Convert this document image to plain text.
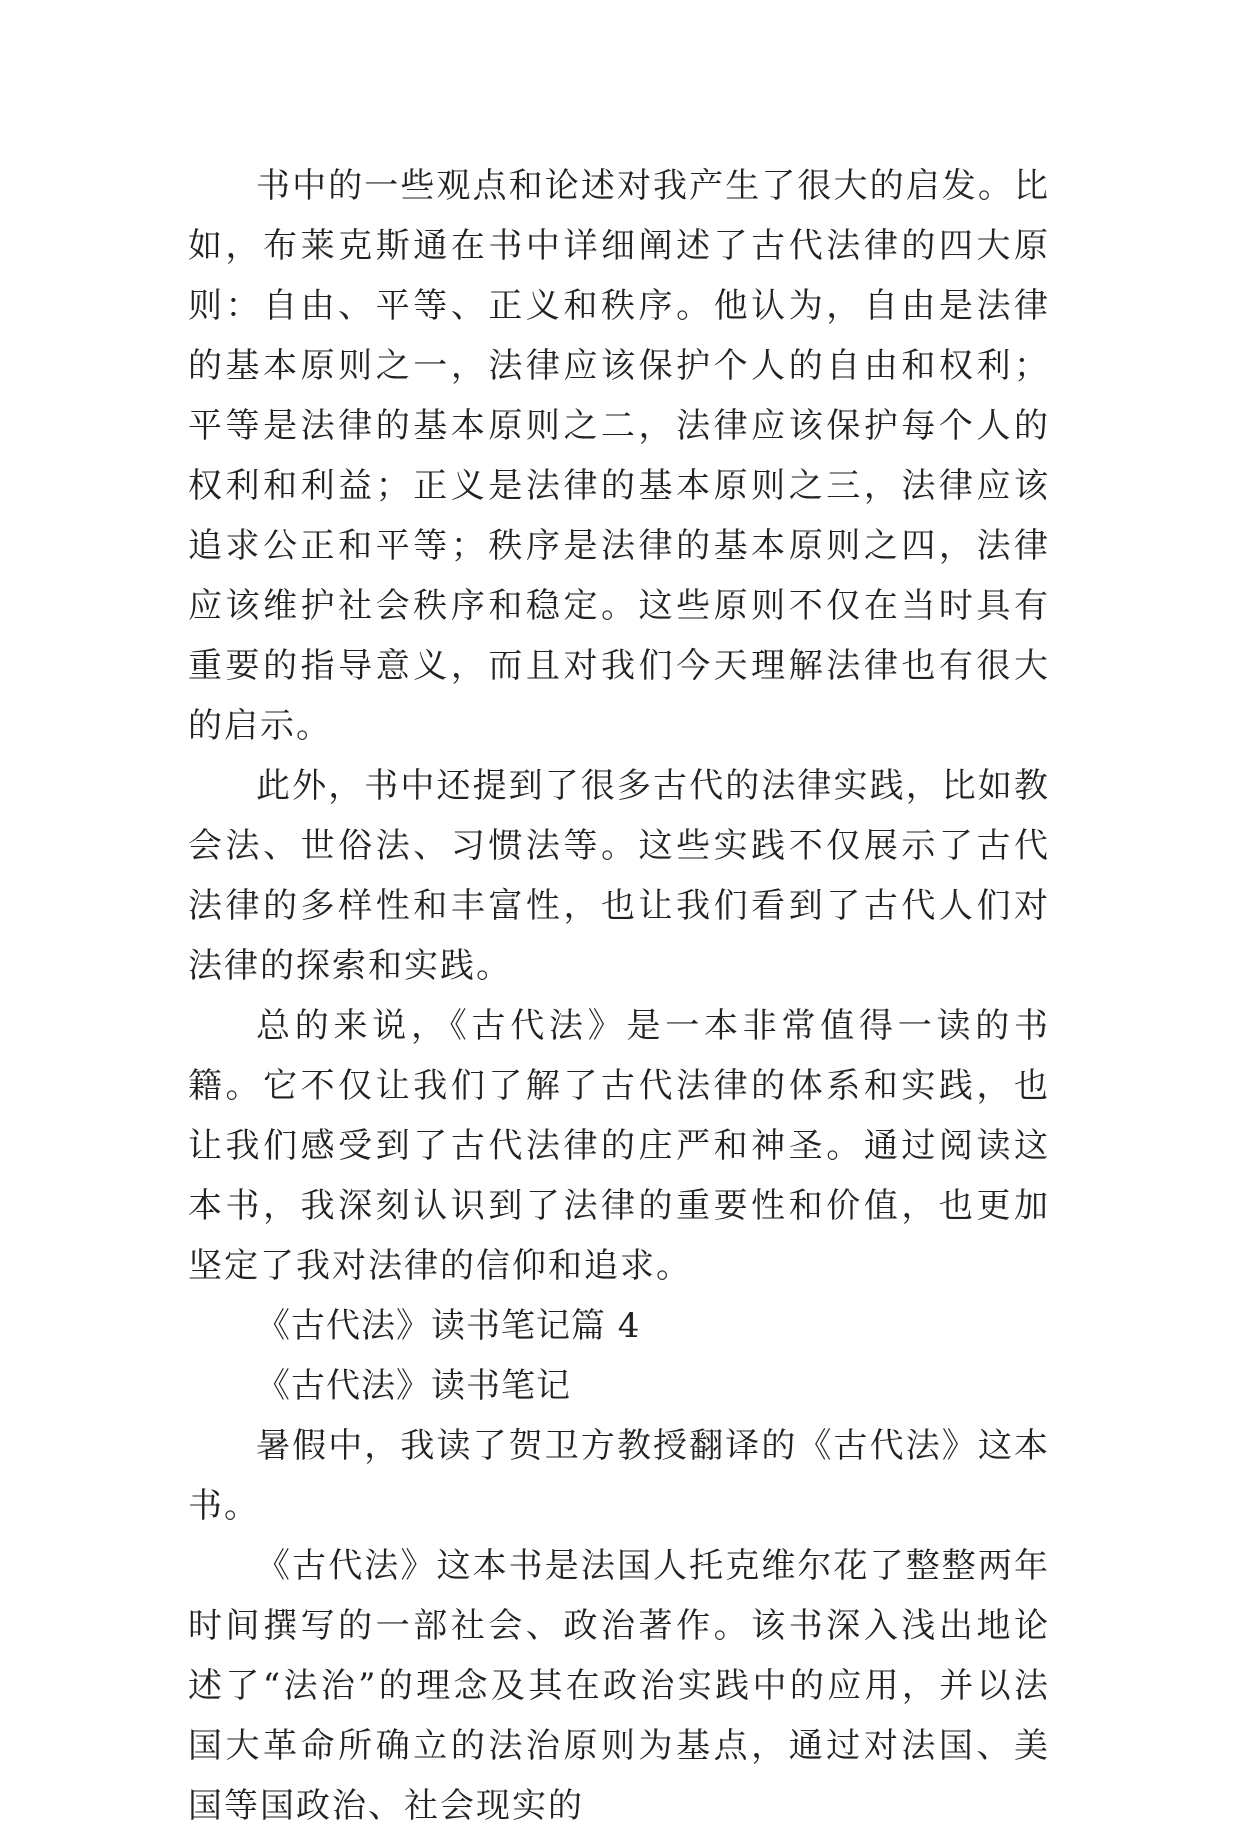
书中的一些观点和论述对我产生了很大的启发。比如，布莱克斯通在书中详细阐述了古代法律的四大原则：自由、平等、正义和秩序。他认为，自由是法律的基本原则之一，法律应该保护个人的自由和权利；平等是法律的基本原则之二，法律应该保护每个人的权利和利益；正义是法律的基本原则之三，法律应该追求公正和平等；秩序是法律的基本原则之四，法律应该维护社会秩序和稳定。这些原则不仅在当时具有重要的指导意义，而且对我们今天理解法律也有很大的启示。

此外，书中还提到了很多古代的法律实践，比如教会法、世俗法、习惯法等。这些实践不仅展示了古代法律的多样性和丰富性，也让我们看到了古代人们对法律的探索和实践。

总的来说，《古代法》是一本非常值得一读的书籍。它不仅让我们了解了古代法律的体系和实践，也让我们感受到了古代法律的庄严和神圣。通过阅读这本书，我深刻认识到了法律的重要性和价值，也更加坚定了我对法律的信仰和追求。

《古代法》读书笔记篇 4

《古代法》读书笔记

暑假中，我读了贺卫方教授翻译的《古代法》这本书。

《古代法》这本书是法国人托克维尔花了整整两年时间撰写的一部社会、政治著作。该书深入浅出地论述了“法治”的理念及其在政治实践中的应用，并以法国大革命所确立的法治原则为基点，通过对法国、美国等国政治、社会现实的
